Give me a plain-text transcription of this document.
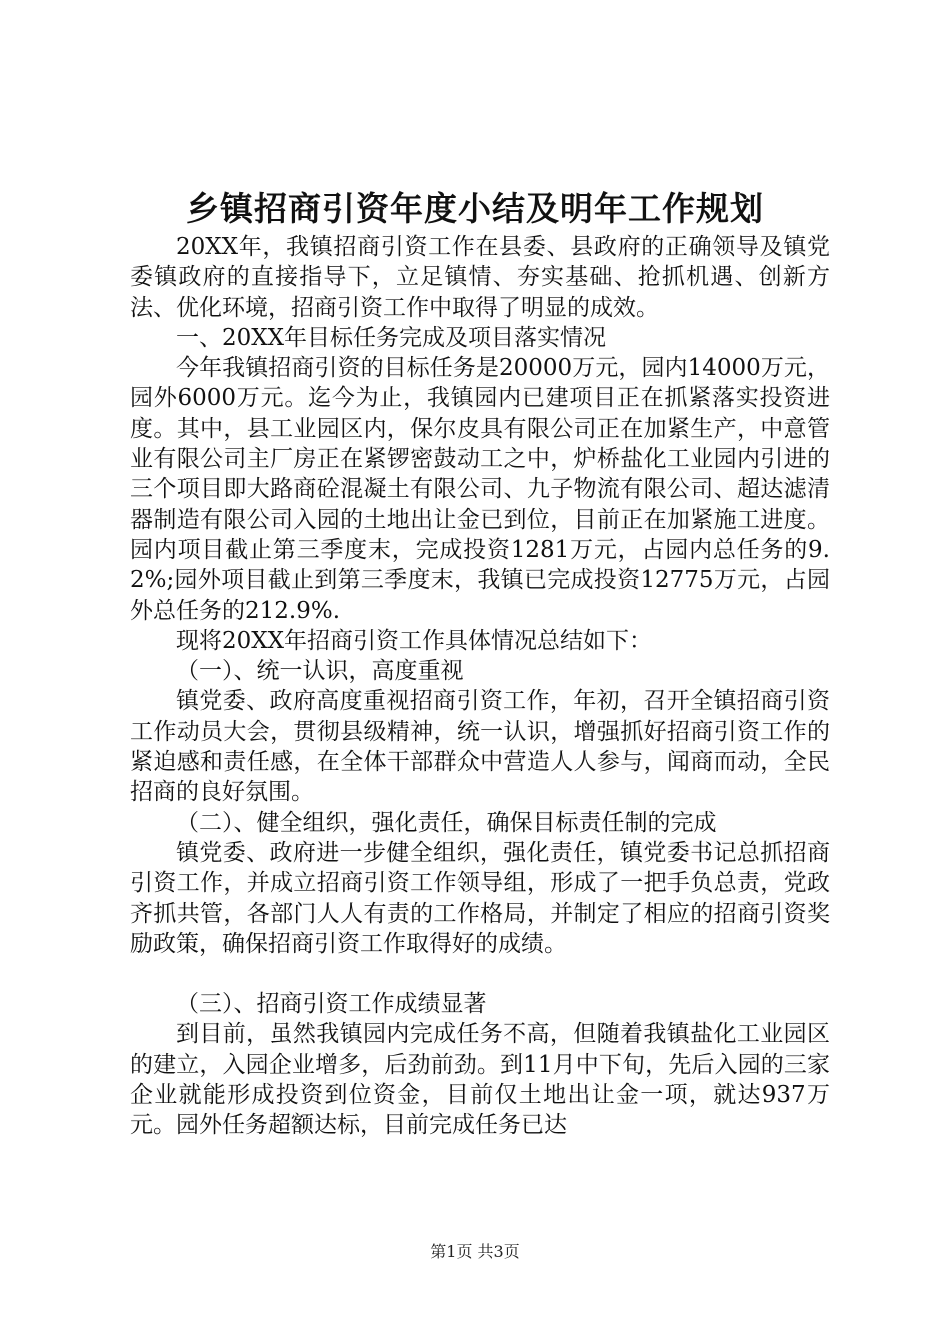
乡镇招商引资年度小结及明年工作规划

20XX年，我镇招商引资工作在县委、县政府的正确领导及镇党委镇政府的直接指导下，立足镇情、夯实基础、抢抓机遇、创新方法、优化环境，招商引资工作中取得了明显的成效。

一、20XX年目标任务完成及项目落实情况

今年我镇招商引资的目标任务是20000万元，园内14000万元，园外6000万元。迄今为止，我镇园内已建项目正在抓紧落实投资进度。其中，县工业园区内，保尔皮具有限公司正在加紧生产，中意管业有限公司主厂房正在紧锣密鼓动工之中，炉桥盐化工业园内引进的三个项目即大路商砼混凝土有限公司、九子物流有限公司、超达滤清器制造有限公司入园的土地出让金已到位，目前正在加紧施工进度。园内项目截止第三季度末，完成投资1281万元，占园内总任务的9.2%;园外项目截止到第三季度末，我镇已完成投资12775万元，占园外总任务的212.9%.

现将20XX年招商引资工作具体情况总结如下：

（一）、统一认识，高度重视

镇党委、政府高度重视招商引资工作，年初，召开全镇招商引资工作动员大会，贯彻县级精神，统一认识，增强抓好招商引资工作的紧迫感和责任感，在全体干部群众中营造人人参与，闻商而动，全民招商的良好氛围。

（二）、健全组织，强化责任，确保目标责任制的完成

镇党委、政府进一步健全组织，强化责任，镇党委书记总抓招商引资工作，并成立招商引资工作领导组，形成了一把手负总责，党政齐抓共管，各部门人人有责的工作格局，并制定了相应的招商引资奖励政策，确保招商引资工作取得好的成绩。

（三）、招商引资工作成绩显著

到目前，虽然我镇园内完成任务不高，但随着我镇盐化工业园区的建立，入园企业增多，后劲前劲。到11月中下旬，先后入园的三家企业就能形成投资到位资金，目前仅土地出让金一项，就达937万元。园外任务超额达标，目前完成任务已达

第1页 共3页
